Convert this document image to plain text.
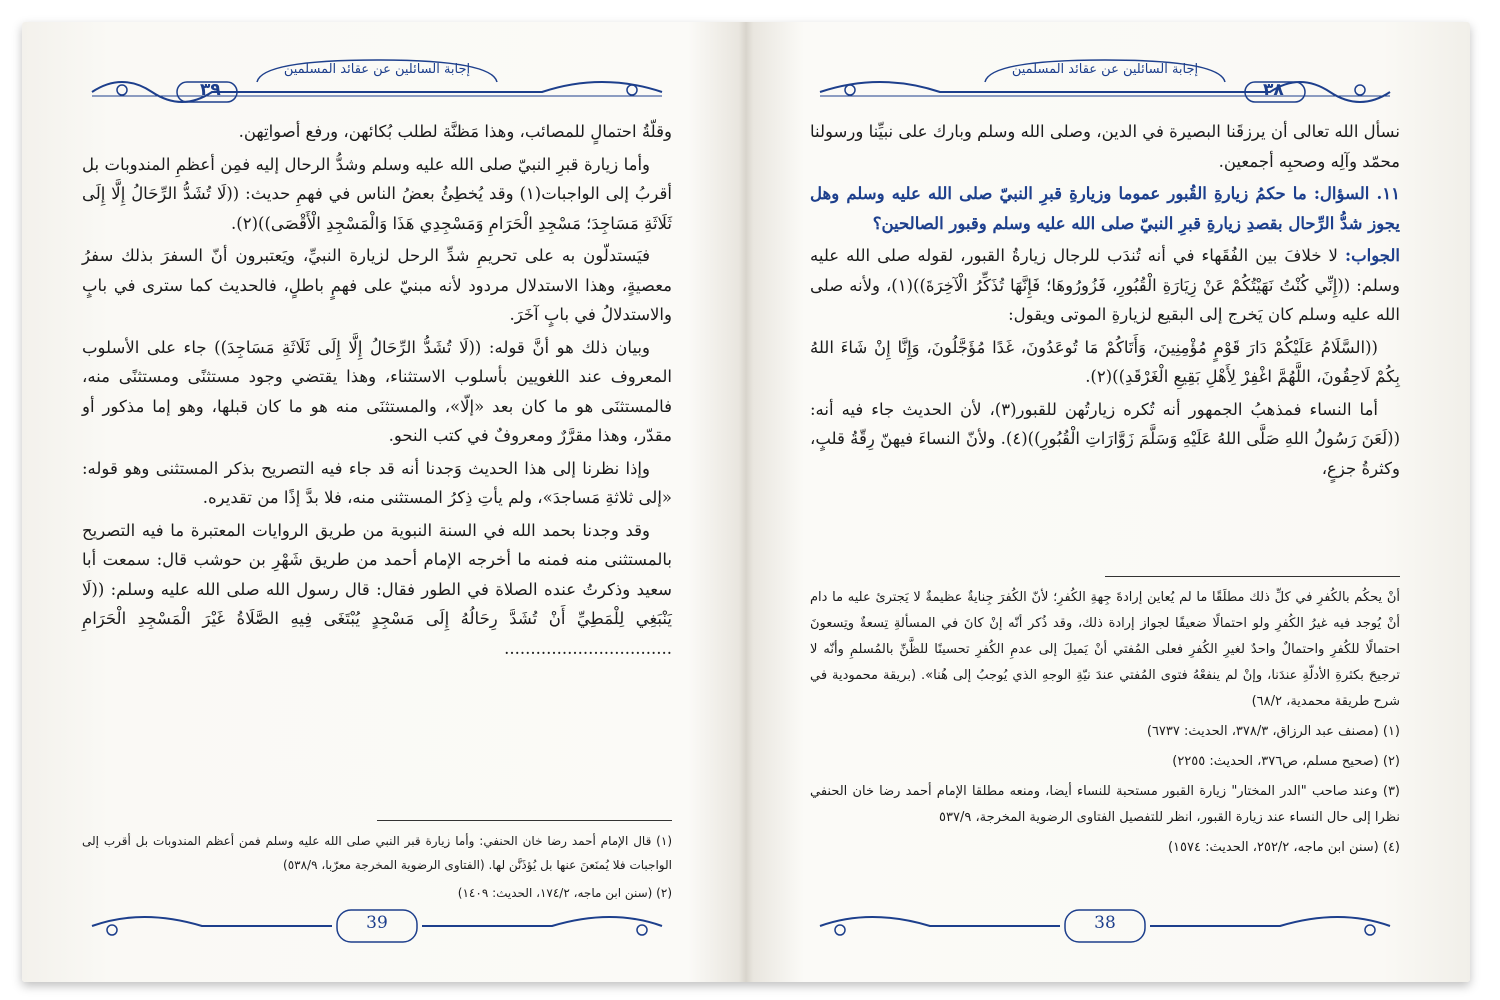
إجابة السائلين عن عقائد المسلمين
٣٩

وقلّةُ احتمالٍ للمصائب، وهذا مَظنَّة لطلب بُكائهن، ورفع أصواتِهن.

وأما زيارة قبرِ النبيّ صلى الله عليه وسلم وشدُّ الرحال إليه فمِن أعظمِ المندوبات بل أقربُ إلى الواجبات(١) وقد يُخطِئُ بعضُ الناس في فهمِ حديث: ((لَا تُشَدُّ الرِّحَالُ إِلَّا إِلَى ثَلَاثَةِ مَسَاجِدَ؛ مَسْجِدِ الْحَرَامِ وَمَسْجِدِي هَذَا وَالْمَسْجِدِ الْأَقْصَى))(٢).

فيَستدلّون به على تحريمِ شدِّ الرحل لزيارة النبيِّ، ويَعتبرون أنّ السفرَ بذلك سفرُ معصيةٍ، وهذا الاستدلال مردود لأنه مبنيّ على فهمٍ باطلٍ، فالحديث كما سترى في بابٍ والاستدلالُ في بابٍ آخَرَ.

وبيان ذلك هو أنَّ قوله: ((لَا تُشَدُّ الرِّحَالُ إِلَّا إِلَى ثَلَاثَةِ مَسَاجِدَ)) جاء على الأسلوب المعروف عند اللغويين بأسلوب الاستثناء، وهذا يقتضي وجود مستثنًى ومستثنًى منه، فالمستثنَى هو ما كان بعد «إلّا»، والمستثنَى منه هو ما كان قبلها، وهو إما مذكور أو مقدّر، وهذا مقرَّرٌ ومعروفٌ في كتب النحو.

وإذا نظرنا إلى هذا الحديث وَجدنا أنه قد جاء فيه التصريح بذكر المستثنى وهو قوله: «إلى ثلاثةِ مَساجدَ»، ولم يأتِ ذِكرُ المستثنى منه، فلا بدَّ إذًا من تقديره.

وقد وجدنا بحمد الله في السنة النبوية من طريق الروايات المعتبرة ما فيه التصريح بالمستثنى منه فمنه ما أخرجه الإمام أحمد من طريق شَهْرِ بن حوشب قال: سمعت أبا سعيد وذكرتُ عنده الصلاة في الطور فقال: قال رسول الله صلى الله عليه وسلم: ((لَا يَنْبَغِي لِلْمَطِيِّ أَنْ تُشَدَّ رِحَالُهُ إِلَى مَسْجِدٍ يُبْتَغَى فِيهِ الصَّلَاةُ غَيْرَ الْمَسْجِدِ الْحَرَامِ ................................

(١) قال الإمام أحمد رضا خان الحنفي: وأما زيارة قبر النبي صلى الله عليه وسلم فمن أعظم المندوبات بل أقرب إلى الواجبات فلا يُمنَعنَ عنها بل يُؤذَنَّن لها. (الفتاوى الرضوية المخرجة معرّبا، ٥٣٨/٩)

(٢) (سنن ابن ماجه، ١٧٤/٢، الحديث: ١٤٠٩)

39
إجابة السائلين عن عقائد المسلمين
٣٨

نسأل الله تعالى أن يرزقَنا البصيرة في الدين، وصلى الله وسلم وبارك على نبيِّنا ورسولنا محمّد وآلِه وصحبِه أجمعين.

١١. السؤال: ما حكمُ زيارةِ القُبور عموما وزيارةِ قبرِ النبيّ صلى الله عليه وسلم وهل يجوز شدُّ الرِّحال بقصدِ زيارةِ قبرِ النبيّ صلى الله عليه وسلم وقبور الصالحين؟

الجواب: لا خلافَ بين الفُقَهاء في أنه تُندَب للرجال زيارةُ القبور، لقوله صلى الله عليه وسلم: ((إِنِّي كُنْتُ نَهَيْتُكُمْ عَنْ زِيَارَةِ الْقُبُورِ، فَزُورُوهَا؛ فَإِنَّهَا تُذَكِّرُ الْآخِرَةَ))(١)، ولأنه صلى الله عليه وسلم كان يَخرج إلى البقيع لزيارةِ الموتى ويقول:

((السَّلَامُ عَلَيْكُمْ دَارَ قَوْمٍ مُؤْمِنِينَ، وَأَتَاكُمْ مَا تُوعَدُونَ، غَدًا مُؤَجَّلُونَ، وَإِنَّا إِنْ شَاءَ اللهُ بِكُمْ لَاحِقُونَ، اللَّهُمَّ اغْفِرْ لِأَهْلِ بَقِيعِ الْغَرْقَدِ))(٢).

أما النساء فمذهبُ الجمهور أنه تُكره زيارتُهن للقبور(٣)، لأن الحديث جاء فيه أنه: ((لَعَنَ رَسُولُ اللهِ صَلَّى اللهُ عَلَيْهِ وَسَلَّمَ زَوَّارَاتِ الْقُبُورِ))(٤). ولأنّ النساءَ فيهنّ رِقّةُ قلبٍ، وكثرةُ جزعٍ،

أنْ يحكُم بالكُفرِ في كلِّ ذلك مطلَقًا ما لم يُعاين إرادةَ جِهةِ الكُفرِ؛ لأنّ الكُفرَ جِنايةٌ عظيمةٌ لا يَجترئ عليه ما دام أنْ يُوجد فيه غيرُ الكُفرِ ولو احتمالًا ضعيفًا لجواز إرادة ذلك، وقد ذُكر أنّه إنْ كانَ في المسألةِ تِسعةٌ وتِسعونَ احتمالًا للكُفرِ واحتمالٌ واحدٌ لغيرِ الكُفرِ فعلى المُفتي أنْ يَميلَ إلى عدمِ الكُفرِ تحسينًا للظَّنِّ بالمُسلمِ وأنّه لا ترجيحَ بكثرةِ الأدلّةِ عندَنا، وإنْ لم ينفعْهُ فتوى المُفتي عندَ نيّةِ الوجهِ الذي يُوجبُ إلى هُنا». (بريقة محمودية في شرح طريقة محمدية، ٦٨/٢)

(١) (مصنف عبد الرزاق، ٣٧٨/٣، الحديث: ٦٧٣٧)

(٢) (صحيح مسلم، ص٣٧٦، الحديث: ٢٢٥٥)

(٣) وعند صاحب "الدر المختار" زيارة القبور مستحبة للنساء أيضا، ومنعه مطلقا الإمام أحمد رضا خان الحنفي نظرا إلى حال النساء عند زيارة القبور، انظر للتفصيل الفتاوى الرضوية المخرجة، ٥٣٧/٩

(٤) (سنن ابن ماجه، ٢٥٢/٢، الحديث: ١٥٧٤)

38
